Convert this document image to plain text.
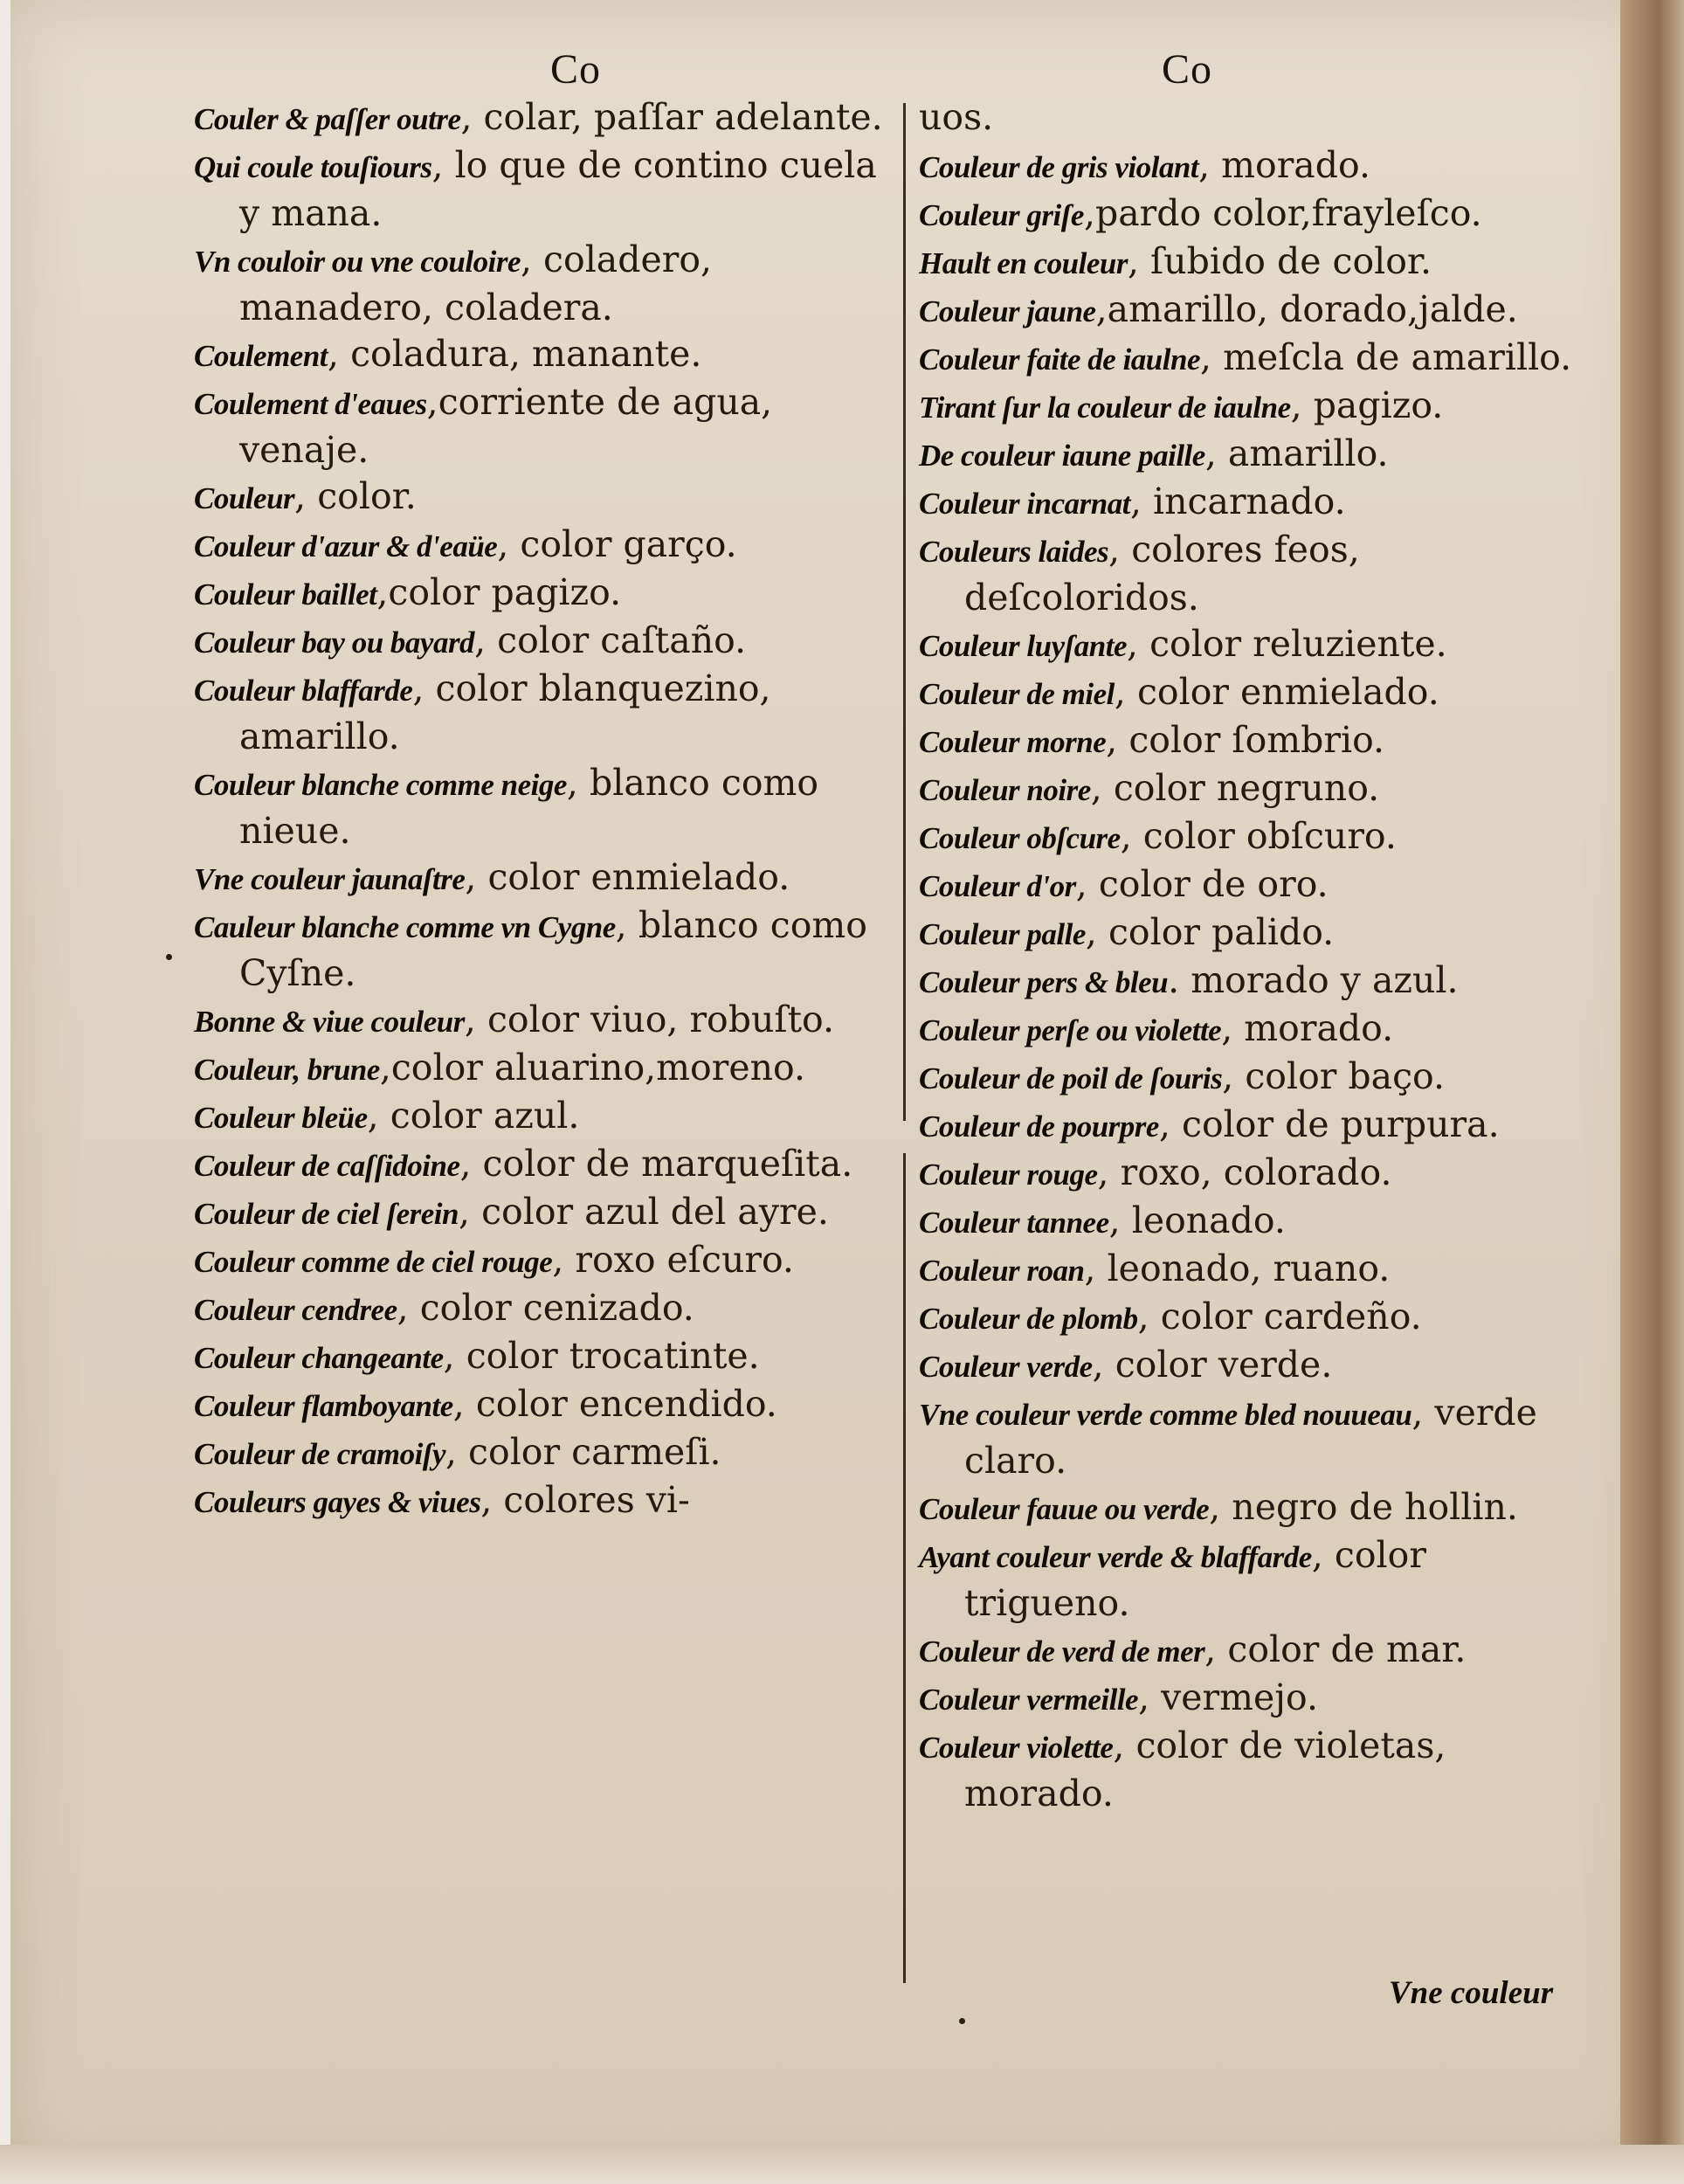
Co	Co
Couler & paſſer outre, colar, paſſar adelante.
Qui coule touſiours, lo que de contino cuela y mana.
Vn couloir ou vne couloire, coladero, manadero, coladera.
Coulement, coladura, manante.
Coulement d'eaues,corriente de agua, venaje.
Couleur, color.
Couleur d'azur & d'eaüe, color garço.
Couleur baillet,color pagizo.
Couleur bay ou bayard, color caſtaño.
Couleur blaffarde, color blanquezino, amarillo.
Couleur blanche comme neige, blanco como nieue.
Vne couleur jaunaſtre, color enmielado.
Cauleur blanche comme vn Cygne, blanco como Cyſne.
Bonne & viue couleur, color viuo, robuſto.
Couleur, brune,color aluarino,moreno.
Couleur bleüe, color azul.
Couleur de caſſidoine, color de marqueſita.
Couleur de ciel ſerein, color azul del ayre.
Couleur comme de ciel rouge, roxo eſcuro.
Couleur cendree, color cenizado.
Couleur changeante, color trocatinte.
Couleur flamboyante, color encendido.
Couleur de cramoiſy, color carmeſi.
Couleurs gayes & viues, colores vi-
uos.
Couleur de gris violant, morado.
Couleur griſe,pardo color,frayleſco.
Hault en couleur, ſubido de color.
Couleur jaune,amarillo, dorado,jalde.
Couleur faite de iaulne, meſcla de amarillo.
Tirant ſur la couleur de iaulne, pagizo.
De couleur iaune paille, amarillo.
Couleur incarnat, incarnado.
Couleurs laides, colores feos, deſcoloridos.
Couleur luyſante, color reluziente.
Couleur de miel, color enmielado.
Couleur morne, color ſombrio.
Couleur noire, color negruno.
Couleur obſcure, color obſcuro.
Couleur d'or, color de oro.
Couleur palle, color palido.
Couleur pers & bleu. morado y azul.
Couleur perſe ou violette, morado.
Couleur de poil de ſouris, color baço.
Couleur de pourpre, color de purpura.
Couleur rouge, roxo, colorado.
Couleur tannee, leonado.
Couleur roan, leonado, ruano.
Couleur de plomb, color cardeño.
Couleur verde, color verde.
Vne couleur verde comme bled nouueau, verde claro.
Couleur fauue ou verde, negro de hollin.
Ayant couleur verde & blaffarde, color trigueno.
Couleur de verd de mer, color de mar.
Couleur vermeille, vermejo.
Couleur violette, color de violetas, morado.
Vne couleur
